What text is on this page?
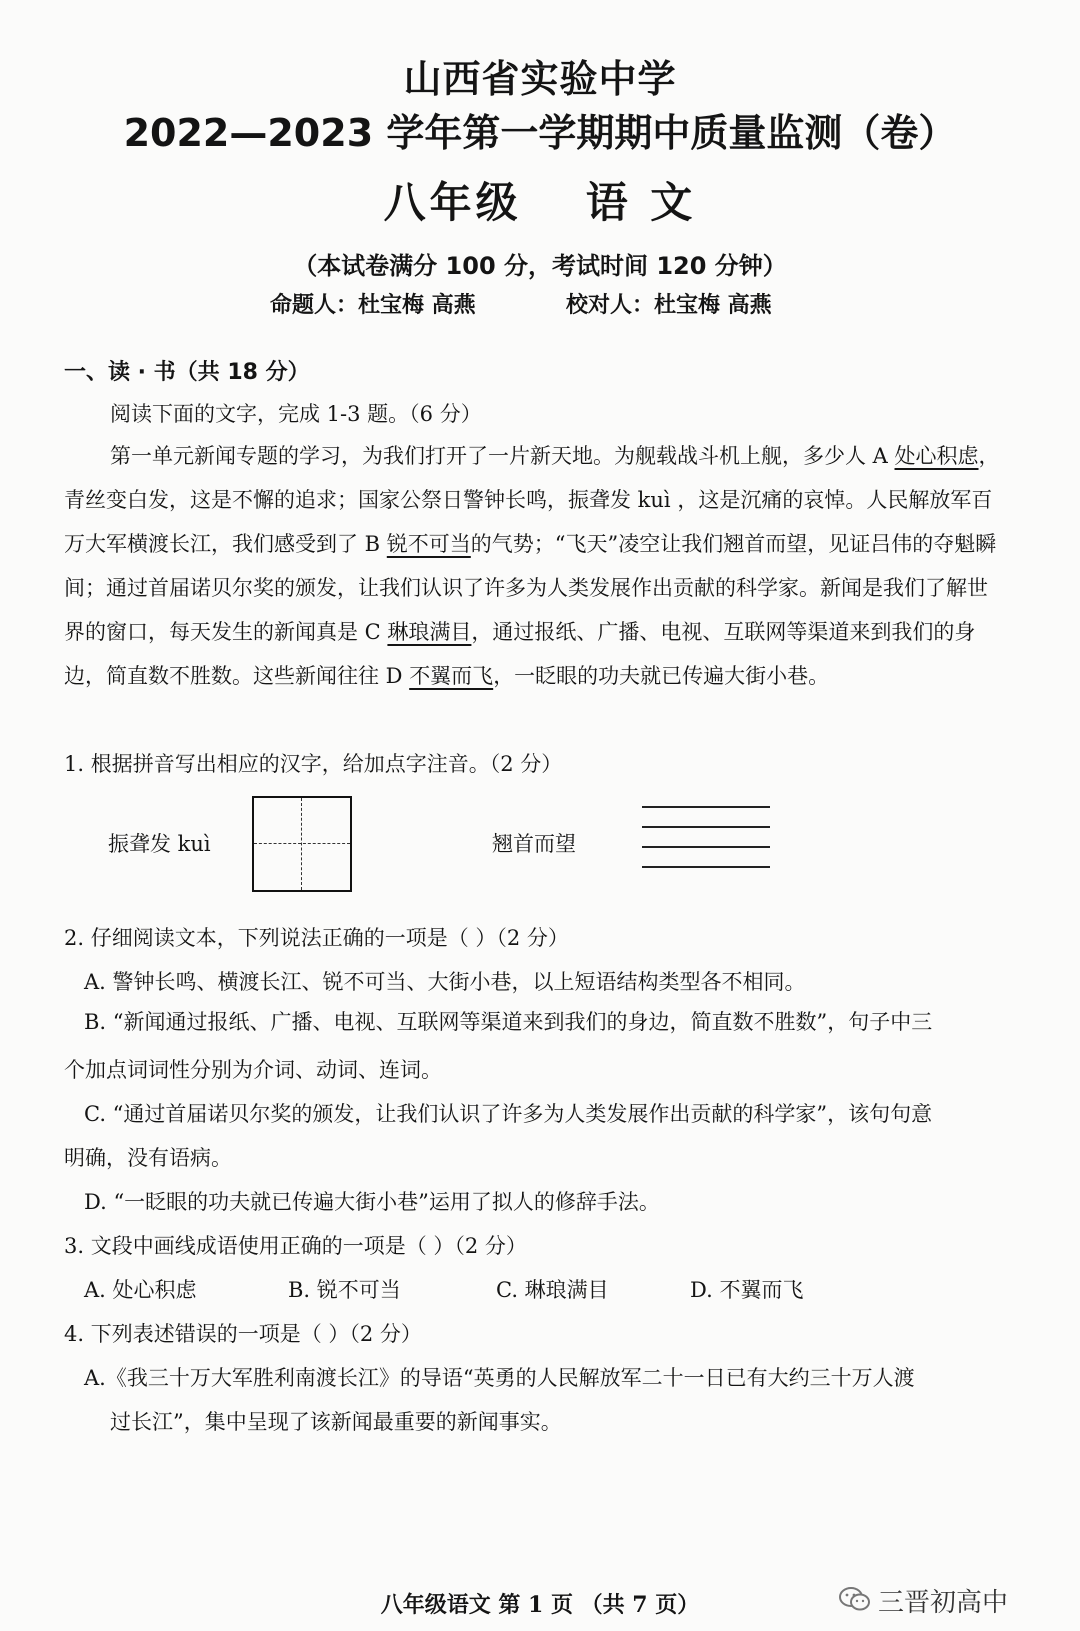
山西省实验中学
2022—2023 学年第一学期期中质量监测（卷）
八年级 语 文
（本试卷满分 100 分，考试时间 120 分钟）
命题人：杜宝梅 高燕	校对人：杜宝梅 高燕
一、读 · 书（共 18 分）
阅读下面的文字，完成 1-3 题。（6 分）

第一单元新闻专题的学习，为我们打开了一片新天地。为舰载战斗机上舰，多少人 A 处心积虑，青丝变白发，这是不懈的追求；国家公祭日警钟长鸣，振聋发 kuì ，这是沉痛的哀悼。人民解放军百万大军横渡长江，我们感受到了 B 锐不可当的气势；“飞天”凌空让我们翘首而望，见证吕伟的夺魁瞬间；通过首届诺贝尔奖的颁发，让我们认识了许多为人类发展作出贡献的科学家。新闻是我们了解世界的窗口，每天发生的新闻真是 C 琳琅满目，通过报纸、广播、电视、互联网等渠道来到我们的身边，简直数不胜数。这些新闻往往 D 不翼而飞，一眨眼的功夫就已传遍大街小巷。

1. 根据拼音写出相应的汉字，给加点字注音。（2 分）
振聋发 kuì	翘首而望
2. 仔细阅读文本，下列说法正确的一项是（ ）（2 分）
A. 警钟长鸣、横渡长江、锐不可当、大街小巷，以上短语结构类型各不相同。
B. “新闻通过报纸、广播、电视、互联网等渠道来到我们的身边，简直数不胜数”，句子中三
个加点词词性分别为介词、动词、连词。
C. “通过首届诺贝尔奖的颁发，让我们认识了许多为人类发展作出贡献的科学家”，该句句意
明确，没有语病。
D. “一眨眼的功夫就已传遍大街小巷”运用了拟人的修辞手法。
3. 文段中画线成语使用正确的一项是（ ）（2 分）
A. 处心积虑	B. 锐不可当	C. 琳琅满目	D. 不翼而飞
4. 下列表述错误的一项是（ ）（2 分）
A.《我三十万大军胜利南渡长江》的导语“英勇的人民解放军二十一日已有大约三十万人渡
过长江”，集中呈现了该新闻最重要的新闻事实。
八年级语文 第 1 页 （共 7 页）	三晋初高中
